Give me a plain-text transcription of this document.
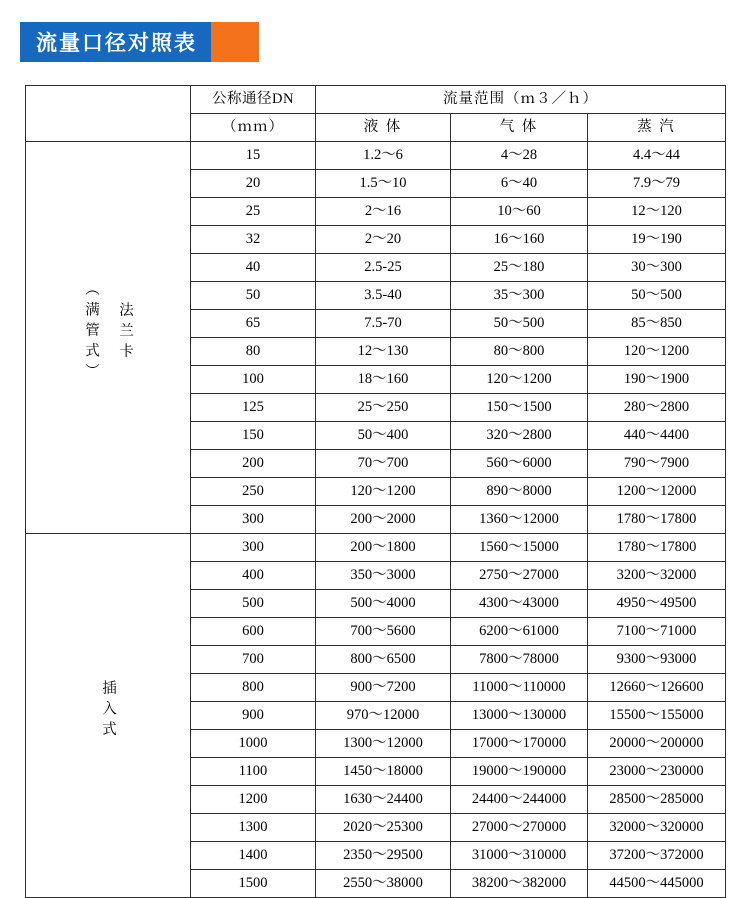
流量口径对照表
	公称通径DN	流量范围（ｍ３／ｈ）		
	（ｍｍ）	液 体	气 体	蒸 汽
法兰卡
（满管式）	15	1.2～6	4～28	4.4～44
	20	1.5～10	6～40	7.9～79
	25	2～16	10～60	12～120
	32	2～20	16～160	19～190
	40	2.5-25	25～180	30～300
	50	3.5-40	35～300	50～500
	65	7.5-70	50～500	85～850
	80	12～130	80～800	120～1200
	100	18～160	120～1200	190～1900
	125	25～250	150～1500	280～2800
	150	50～400	320～2800	440～4400
	200	70～700	560～6000	790～7900
	250	120～1200	890～8000	1200～12000
	300	200～2000	1360～12000	1780～17800
插入式	300	200～1800	1560～15000	1780～17800
	400	350～3000	2750～27000	3200～32000
	500	500～4000	4300～43000	4950～49500
	600	700～5600	6200～61000	7100～71000
	700	800～6500	7800～78000	9300～93000
	800	900～7200	11000～110000	12660～126600
	900	970～12000	13000～130000	15500～155000
	1000	1300～12000	17000～170000	20000～200000
	1100	1450～18000	19000～190000	23000～230000
	1200	1630～24400	24400～244000	28500～285000
	1300	2020～25300	27000～270000	32000～320000
	1400	2350～29500	31000～310000	37200～372000
	1500	2550～38000	38200～382000	44500～445000
